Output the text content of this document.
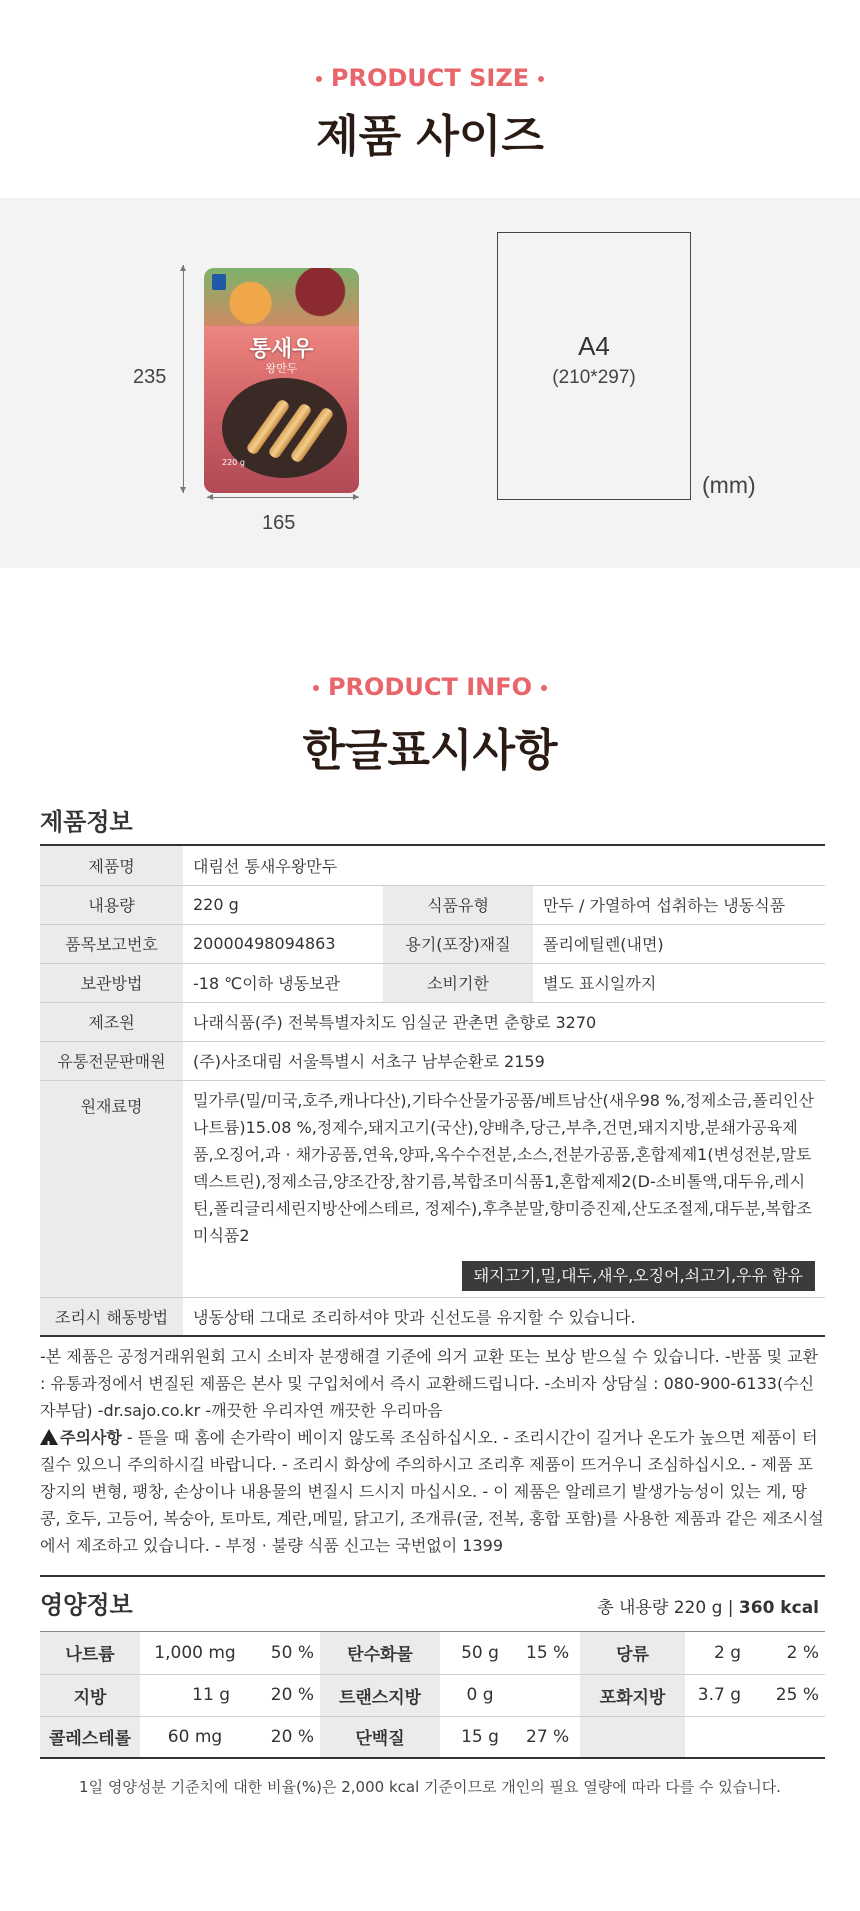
PRODUCT SIZE
제품 사이즈
통새우
왕만두
220 g
235
165
A4
(210*297)
(mm)
PRODUCT INFO
한글표시사항
제품정보
제품명	대림선 통새우왕만두		
내용량	220 g	식품유형	만두 / 가열하여 섭취하는 냉동식품
품목보고번호	20000498094863	용기(포장)재질	폴리에틸렌(내면)
보관방법	-18 ℃이하 냉동보관	소비기한	별도 표시일까지
제조원	나래식품(주) 전북특별자치도 임실군 관촌면 춘향로 3270		
유통전문판매원	(주)사조대림 서울특별시 서초구 남부순환로 2159		
원재료명	밀가루(밀/미국,호주,캐나다산),기타수산물가공품/베트남산(새우98 %,정제소금,폴리인산나트륨)15.08 %,정제수,돼지고기(국산),양배추,당근,부추,건면,돼지지방,분쇄가공육제품,오징어,과 · 채가공품,연육,양파,옥수수전분,소스,전분가공품,혼합제제1(변성전분,말토덱스트린),정제소금,양조간장,참기름,복합조미식품1,혼합제제2(D-소비톨액,대두유,레시틴,폴리글리세린지방산에스테르, 정제수),후추분말,향미증진제,산도조절제,대두분,복합조미식품2
돼지고기,밀,대두,새우,오징어,쇠고기,우유 함유		

조리시 해동방법	냉동상태 그대로 조리하셔야 맛과 신선도를 유지할 수 있습니다.		
-본 제품은 공정거래위원회 고시 소비자 분쟁해결 기준에 의거 교환 또는 보상 받으실 수 있습니다. -반품 및 교환 : 유통과정에서 변질된 제품은 본사 및 구입처에서 즉시 교환해드립니다. -소비자 상담실 : 080-900-6133(수신자부담) -dr.sajo.co.kr -깨끗한 우리자연 깨끗한 우리마음
!주의사항 - 뜯을 때 홈에 손가락이 베이지 않도록 조심하십시오. - 조리시간이 길거나 온도가 높으면 제품이 터질수 있으니 주의하시길 바랍니다. - 조리시 화상에 주의하시고 조리후 제품이 뜨거우니 조심하십시오. - 제품 포장지의 변형, 팽창, 손상이나 내용물의 변질시 드시지 마십시오. - 이 제품은 알레르기 발생가능성이 있는 게, 땅콩, 호두, 고등어, 복숭아, 토마토, 계란,메밀, 닭고기, 조개류(굴, 전복, 홍합 포함)를 사용한 제품과 같은 제조시설에서 제조하고 있습니다. - 부정 · 불량 식품 신고는 국번없이 1399
영양정보	총 내용량 220 g | 360 kcal
나트륨	1,000 mg	50 %	탄수화물	50 g	15 %	당류	2 g	2 %
지방	11 g	20 %	트랜스지방	0 g		포화지방	3.7 g	25 %
콜레스테롤	60 mg	20 %	단백질	15 g	27 %			
1일 영양성분 기준치에 대한 비율(%)은 2,000 kcal 기준이므로 개인의 필요 열량에 따라 다를 수 있습니다.
